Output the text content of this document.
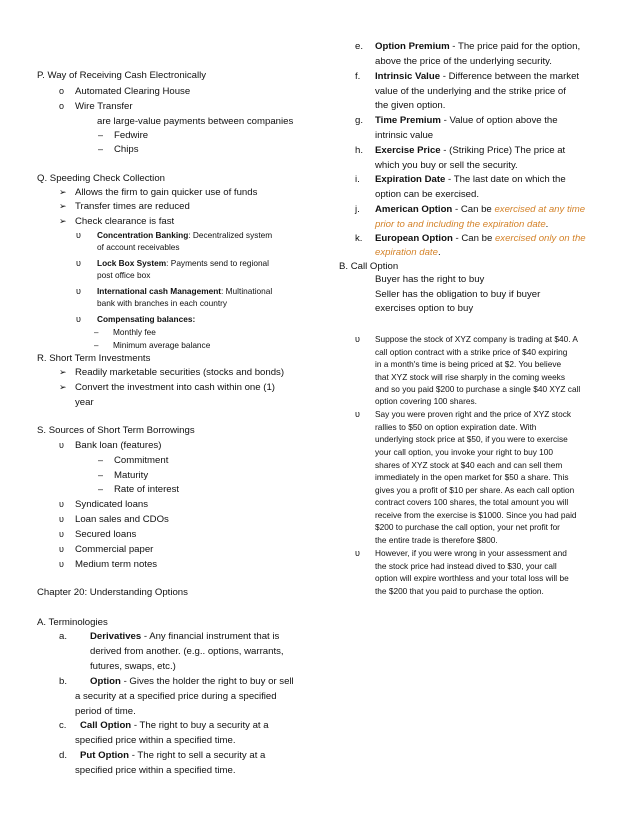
P. Way of Receiving Cash Electronically
o Automated Clearing House
o Wire Transfer
are large-value payments between companies
– Fedwire
– Chips
Q. Speeding Check Collection
➢ Allows the firm to gain quicker use of funds
➢ Transfer times are reduced
➢ Check clearance is fast
υ Concentration Banking: Decentralized system
of account receivables
υ Lock Box System: Payments send to regional
post office box
υ International cash Management: Multinational
bank with branches in each country
υ Compensating balances:
– Monthly fee
– Minimum average balance
R. Short Term Investments
➢ Readily marketable securities (stocks and bonds)
➢ Convert the investment into cash within one (1)
year
S. Sources of Short Term Borrowings
υ Bank loan (features)
– Commitment
– Maturity
– Rate of interest
υ Syndicated loans
υ Loan sales and CDOs
υ Secured loans
υ Commercial paper
υ Medium term notes
Chapter 20: Understanding Options
A. Terminologies
a. Derivatives - Any financial instrument that is
derived from another. (e.g.. options, warrants,
futures, swaps, etc.)
b. Option - Gives the holder the right to buy or sell
a security at a specified price during a specified
period of time.
c. Call Option - The right to buy a security at a
specified price within a specified time.
d. Put Option - The right to sell a security at a
specified price within a specified time.
e. Option Premium - The price paid for the option,
above the price of the underlying security.
f. Intrinsic Value - Difference between the market
value of the underlying and the strike price of
the given option.
g. Time Premium - Value of option above the
intrinsic value
h. Exercise Price - (Striking Price) The price at
which you buy or sell the security.
i. Expiration Date - The last date on which the
option can be exercised.
j. American Option - Can be exercised at any time
prior to and including the expiration date.
k. European Option - Can be exercised only on the
expiration date.
B. Call Option
Buyer has the right to buy
Seller has the obligation to buy if buyer
exercises option to buy
υ Suppose the stock of XYZ company is trading at $40. A
call option contract with a strike price of $40 expiring
in a month's time is being priced at $2. You believe
that XYZ stock will rise sharply in the coming weeks
and so you paid $200 to purchase a single $40 XYZ call
option covering 100 shares.
υ Say you were proven right and the price of XYZ stock
rallies to $50 on option expiration date. With
underlying stock price at $50, if you were to exercise
your call option, you invoke your right to buy 100
shares of XYZ stock at $40 each and can sell them
immediately in the open market for $50 a share. This
gives you a profit of $10 per share. As each call option
contract covers 100 shares, the total amount you will
receive from the exercise is $1000. Since you had paid
$200 to purchase the call option, your net profit for
the entire trade is therefore $800.
υ However, if you were wrong in your assessment and
the stock price had instead dived to $30, your call
option will expire worthless and your total loss will be
the $200 that you paid to purchase the option.
